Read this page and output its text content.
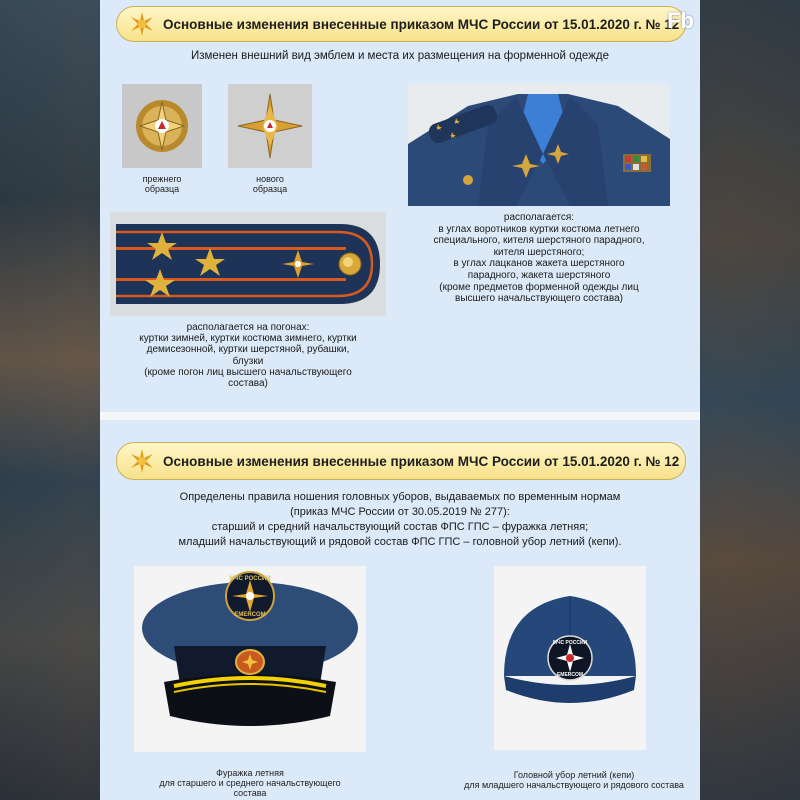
Основные изменения внесенные приказом МЧС России от 15.01.2020 г. № 12
Fb
Изменен внешний вид эмблем и места их размещения на форменной одежде
прежнего
образца
нового
образца
располагается:
в углах воротников куртки костюма летнего
специального, кителя шерстяного парадного,
кителя шерстяного;
в углах лацканов жакета шерстяного
парадного, жакета шерстяного
(кроме предметов форменной одежды лиц
высшего начальствующего состава)
располагается на погонах:
куртки зимней, куртки костюма зимнего, куртки
демисезонной, куртки шерстяной, рубашки,
блузки
(кроме погон лиц высшего начальствующего
состава)
Основные изменения внесенные приказом МЧС России от 15.01.2020 г. № 12
Определены правила ношения головных уборов, выдаваемых по временным нормам
(приказ МЧС России от 30.05.2019 № 277):
старший и средний начальствующий состав ФПС ГПС – фуражка летняя;
младший начальствующий и рядовой состав ФПС ГПС – головной убор летний (кепи).
МЧС РОССИИ
EMERCOM
Фуражка летняя
для старшего и среднего начальствующего
состава
МЧС РОССИИ
EMERCOM
Головной убор летний (кепи)
для младшего начальствующего и рядового состава
